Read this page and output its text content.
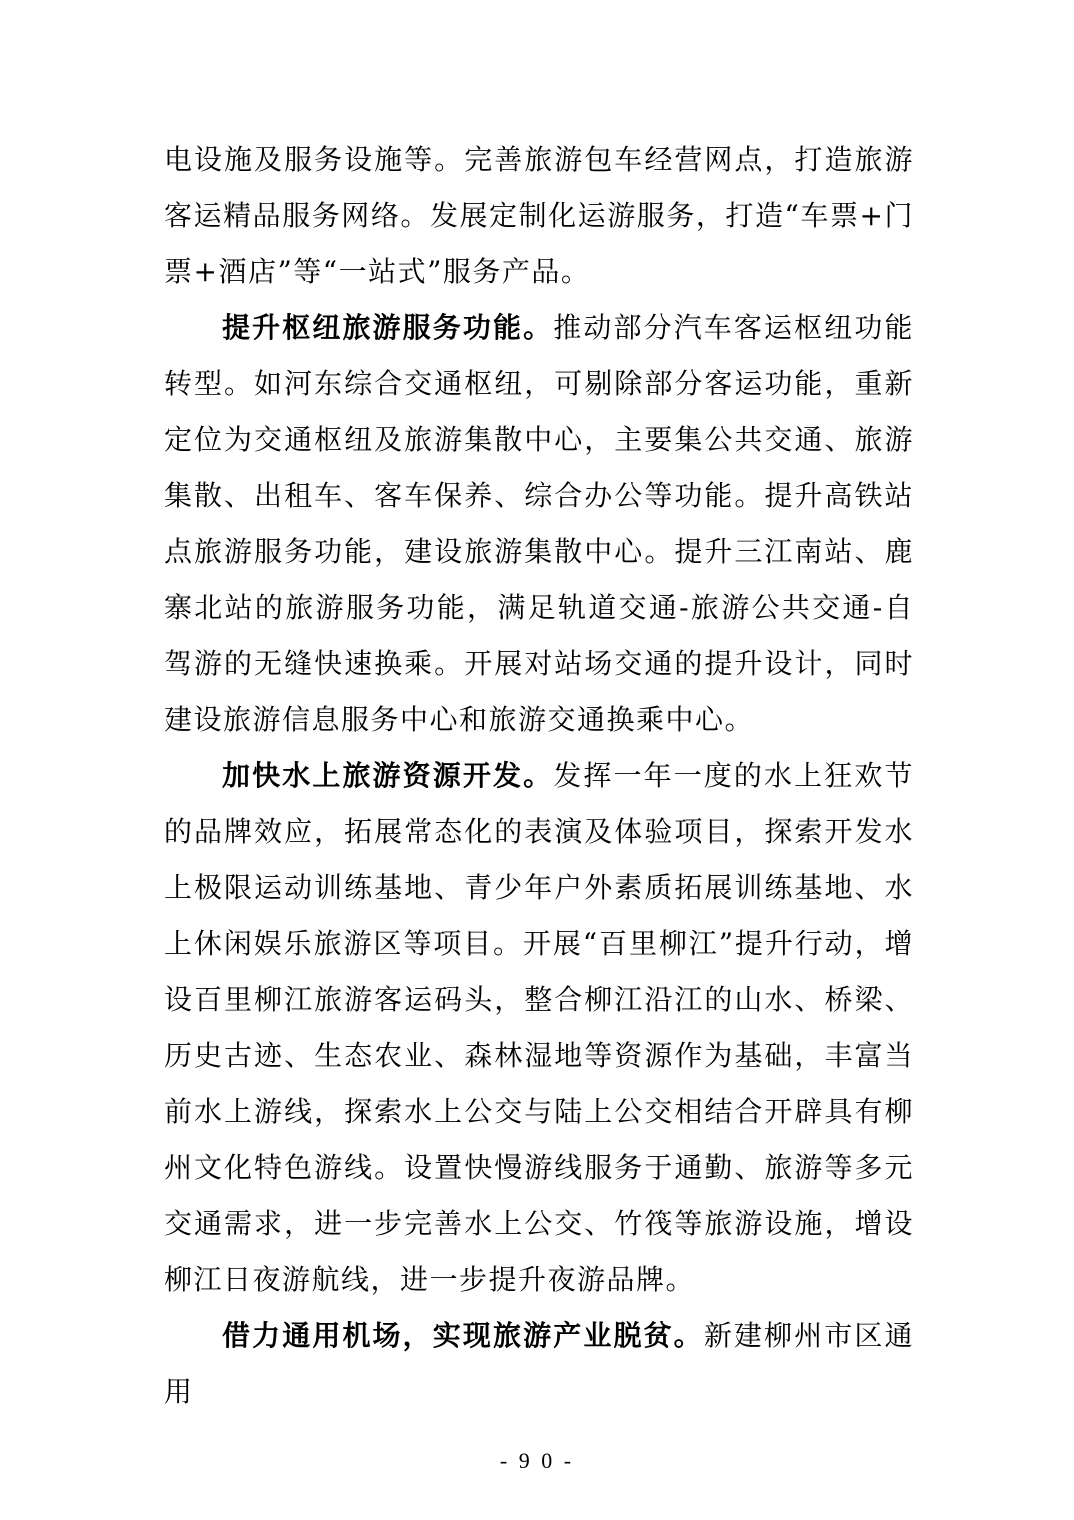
电设施及服务设施等。完善旅游包车经营网点，打造旅游客运精品服务网络。发展定制化运游服务，打造“车票+门票+酒店”等“一站式”服务产品。

提升枢纽旅游服务功能。推动部分汽车客运枢纽功能转型。如河东综合交通枢纽，可剔除部分客运功能，重新定位为交通枢纽及旅游集散中心，主要集公共交通、旅游集散、出租车、客车保养、综合办公等功能。提升高铁站点旅游服务功能，建设旅游集散中心。提升三江南站、鹿寨北站的旅游服务功能，满足轨道交通-旅游公共交通-自驾游的无缝快速换乘。开展对站场交通的提升设计，同时建设旅游信息服务中心和旅游交通换乘中心。

加快水上旅游资源开发。发挥一年一度的水上狂欢节的品牌效应，拓展常态化的表演及体验项目，探索开发水上极限运动训练基地、青少年户外素质拓展训练基地、水上休闲娱乐旅游区等项目。开展“百里柳江”提升行动，增设百里柳江旅游客运码头，整合柳江沿江的山水、桥梁、历史古迹、生态农业、森林湿地等资源作为基础，丰富当前水上游线，探索水上公交与陆上公交相结合开辟具有柳州文化特色游线。设置快慢游线服务于通勤、旅游等多元交通需求，进一步完善水上公交、竹筏等旅游设施，增设柳江日夜游航线，进一步提升夜游品牌。

借力通用机场，实现旅游产业脱贫。新建柳州市区通用

- 9 0 -
